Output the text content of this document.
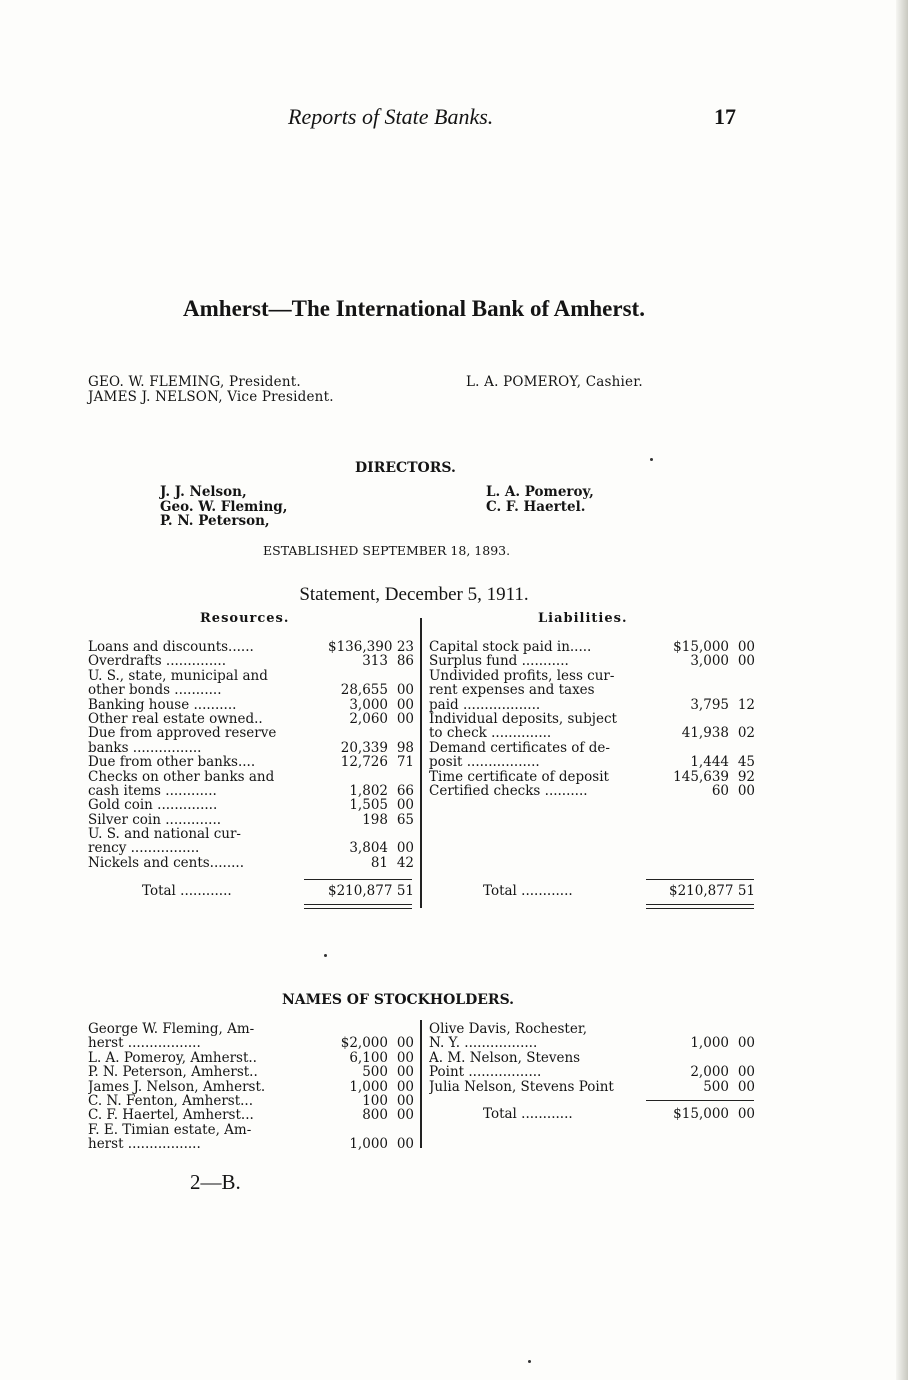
Reports of State Banks.	17
Amherst—The International Bank of Amherst.
GEO. W. FLEMING, President.
JAMES J. NELSON, Vice President.
L. A. POMEROY, Cashier.
DIRECTORS.
J. J. Nelson,
Geo. W. Fleming,
P. N. Peterson,
L. A. Pomeroy,
C. F. Haertel.
ESTABLISHED SEPTEMBER 18, 1893.
Statement, December 5, 1911.
Resources.	Liabilities.
Loans and discounts......	$136,390 23
Overdrafts ..............	313 86
U. S., state, municipal and
other bonds ...........	28,655 00
Banking house ..........	3,000 00
Other real estate owned..	2,060 00
Due from approved reserve
banks ................	20,339 98
Due from other banks....	12,726 71
Checks on other banks and
cash items ............	1,802 66
Gold coin ..............	1,505 00
Silver coin .............	198 65
U. S. and national cur-
rency ................	3,804 00
Nickels and cents........	81 42
Capital stock paid in.....	$15,000 00
Surplus fund ...........	3,000 00
Undivided profits, less cur-
rent expenses and taxes
paid ..................	3,795 12
Individual deposits, subject
to check ..............	41,938 02
Demand certificates of de-
posit .................	1,444 45
Time certificate of deposit	145,639 92
Certified checks ..........	60 00
Total ............	$210,877 51	Total ............	$210,877 51
NAMES OF STOCKHOLDERS.
George W. Fleming, Am-
herst .................	$2,000 00
L. A. Pomeroy, Amherst..	6,100 00
P. N. Peterson, Amherst..	500 00
James J. Nelson, Amherst.	1,000 00
C. N. Fenton, Amherst...	100 00
C. F. Haertel, Amherst...	800 00
F. E. Timian estate, Am-
herst .................	1,000 00
Olive Davis, Rochester,
N. Y. .................	1,000 00
A. M. Nelson, Stevens
Point .................	2,000 00
Julia Nelson, Stevens Point	500 00
Total ............	$15,000 00
2—B.
